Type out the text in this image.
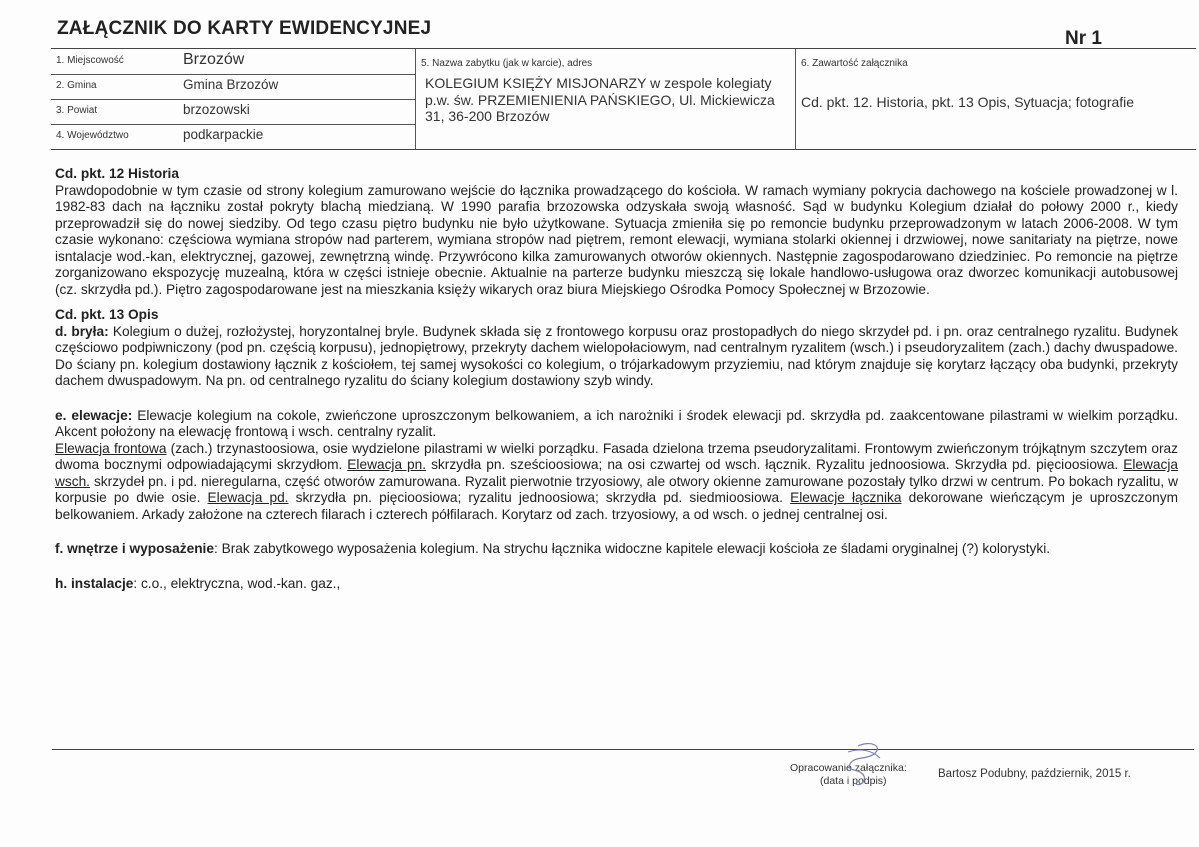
ZAŁĄCZNIK DO KARTY EWIDENCYJNEJ	Nr 1
1. Miejscowość	Brzozów
2. Gmina	Gmina Brzozów
3. Powiat	brzozowski
4. Województwo	podkarpackie
5. Nazwa zabytku (jak w karcie), adres
KOLEGIUM KSIĘŻY MISJONARZY w zespole kolegiaty p.w. św. PRZEMIENIENIA PAŃSKIEGO, Ul. Mickiewicza 31, 36-200 Brzozów
6. Zawartość załącznika
Cd. pkt. 12. Historia, pkt. 13 Opis, Sytuacja; fotografie
Cd. pkt. 12 Historia

Prawdopodobnie w tym czasie od strony kolegium zamurowano wejście do łącznika prowadzącego do kościoła. W ramach wymiany pokrycia dachowego na kościele prowadzonej w l. 1982-83 dach na łączniku został pokryty blachą miedzianą. W 1990 parafia brzozowska odzyskała swoją własność. Sąd w budynku Kolegium działał do połowy 2000 r., kiedy przeprowadził się do nowej siedziby. Od tego czasu piętro budynku nie było użytkowane. Sytuacja zmieniła się po remoncie budynku przeprowadzonym w latach 2006-2008. W tym czasie wykonano: częściowa wymiana stropów nad parterem, wymiana stropów nad piętrem, remont elewacji, wymiana stolarki okiennej i drzwiowej, nowe sanitariaty na piętrze, nowe isntalacje wod.-kan, elektrycznej, gazowej, zewnętrzną windę. Przywrócono kilka zamurowanych otworów okiennych. Następnie zagospodarowano dziedziniec. Po remoncie na piętrze zorganizowano ekspozycję muzealną, która w części istnieje obecnie. Aktualnie na parterze budynku mieszczą się lokale handlowo-usługowa oraz dworzec komunikacji autobusowej (cz. skrzydła pd.). Piętro zagospodarowane jest na mieszkania księży wikarych oraz biura Miejskiego Ośrodka Pomocy Społecznej w Brzozowie.

Cd. pkt. 13 Opis

d. bryła: Kolegium o dużej, rozłożystej, horyzontalnej bryle. Budynek składa się z frontowego korpusu oraz prostopadłych do niego skrzydeł pd. i pn. oraz centralnego ryzalitu. Budynek częściowo podpiwniczony (pod pn. częścią korpusu), jednopiętrowy, przekryty dachem wielopołaciowym, nad centralnym ryzalitem (wsch.) i pseudoryzalitem (zach.) dachy dwuspadowe. Do ściany pn. kolegium dostawiony łącznik z kościołem, tej samej wysokości co kolegium, o trójarkadowym przyziemiu, nad którym znajduje się korytarz łączący oba budynki, przekryty dachem dwuspadowym. Na pn. od centralnego ryzalitu do ściany kolegium dostawiony szyb windy.

e. elewacje: Elewacje kolegium na cokole, zwieńczone uproszczonym belkowaniem, a ich narożniki i środek elewacji pd. skrzydła pd. zaakcentowane pilastrami w wielkim porządku. Akcent położony na elewację frontową i wsch. centralny ryzalit.

Elewacja frontowa (zach.) trzynastoosiowa, osie wydzielone pilastrami w wielki porządku. Fasada dzielona trzema pseudoryzalitami. Frontowym zwieńczonym trójkątnym szczytem oraz dwoma bocznymi odpowiadającymi skrzydłom. Elewacja pn. skrzydła pn. sześcioosiowa; na osi czwartej od wsch. łącznik. Ryzalitu jednoosiowa. Skrzydła pd. pięcioosiowa. Elewacja wsch. skrzydeł pn. i pd. nieregularna, część otworów zamurowana. Ryzalit pierwotnie trzyosiowy, ale otwory okienne zamurowane pozostały tylko drzwi w centrum. Po bokach ryzalitu, w korpusie po dwie osie. Elewacja pd. skrzydła pn. pięcioosiowa; ryzalitu jednoosiowa; skrzydła pd. siedmioosiowa. Elewacje łącznika dekorowane wieńczącym je uproszczonym belkowaniem. Arkady założone na czterech filarach i czterech półfilarach. Korytarz od zach. trzyosiowy, a od wsch. o jednej centralnej osi.

f. wnętrze i wyposażenie: Brak zabytkowego wyposażenia kolegium. Na strychu łącznika widoczne kapitele elewacji kościoła ze śladami oryginalnej (?) kolorystyki.

h. instalacje: c.o., elektryczna, wod.-kan. gaz.,

Opracowanie załącznika:
(data i podpis)
Bartosz Podubny, październik, 2015 r.
